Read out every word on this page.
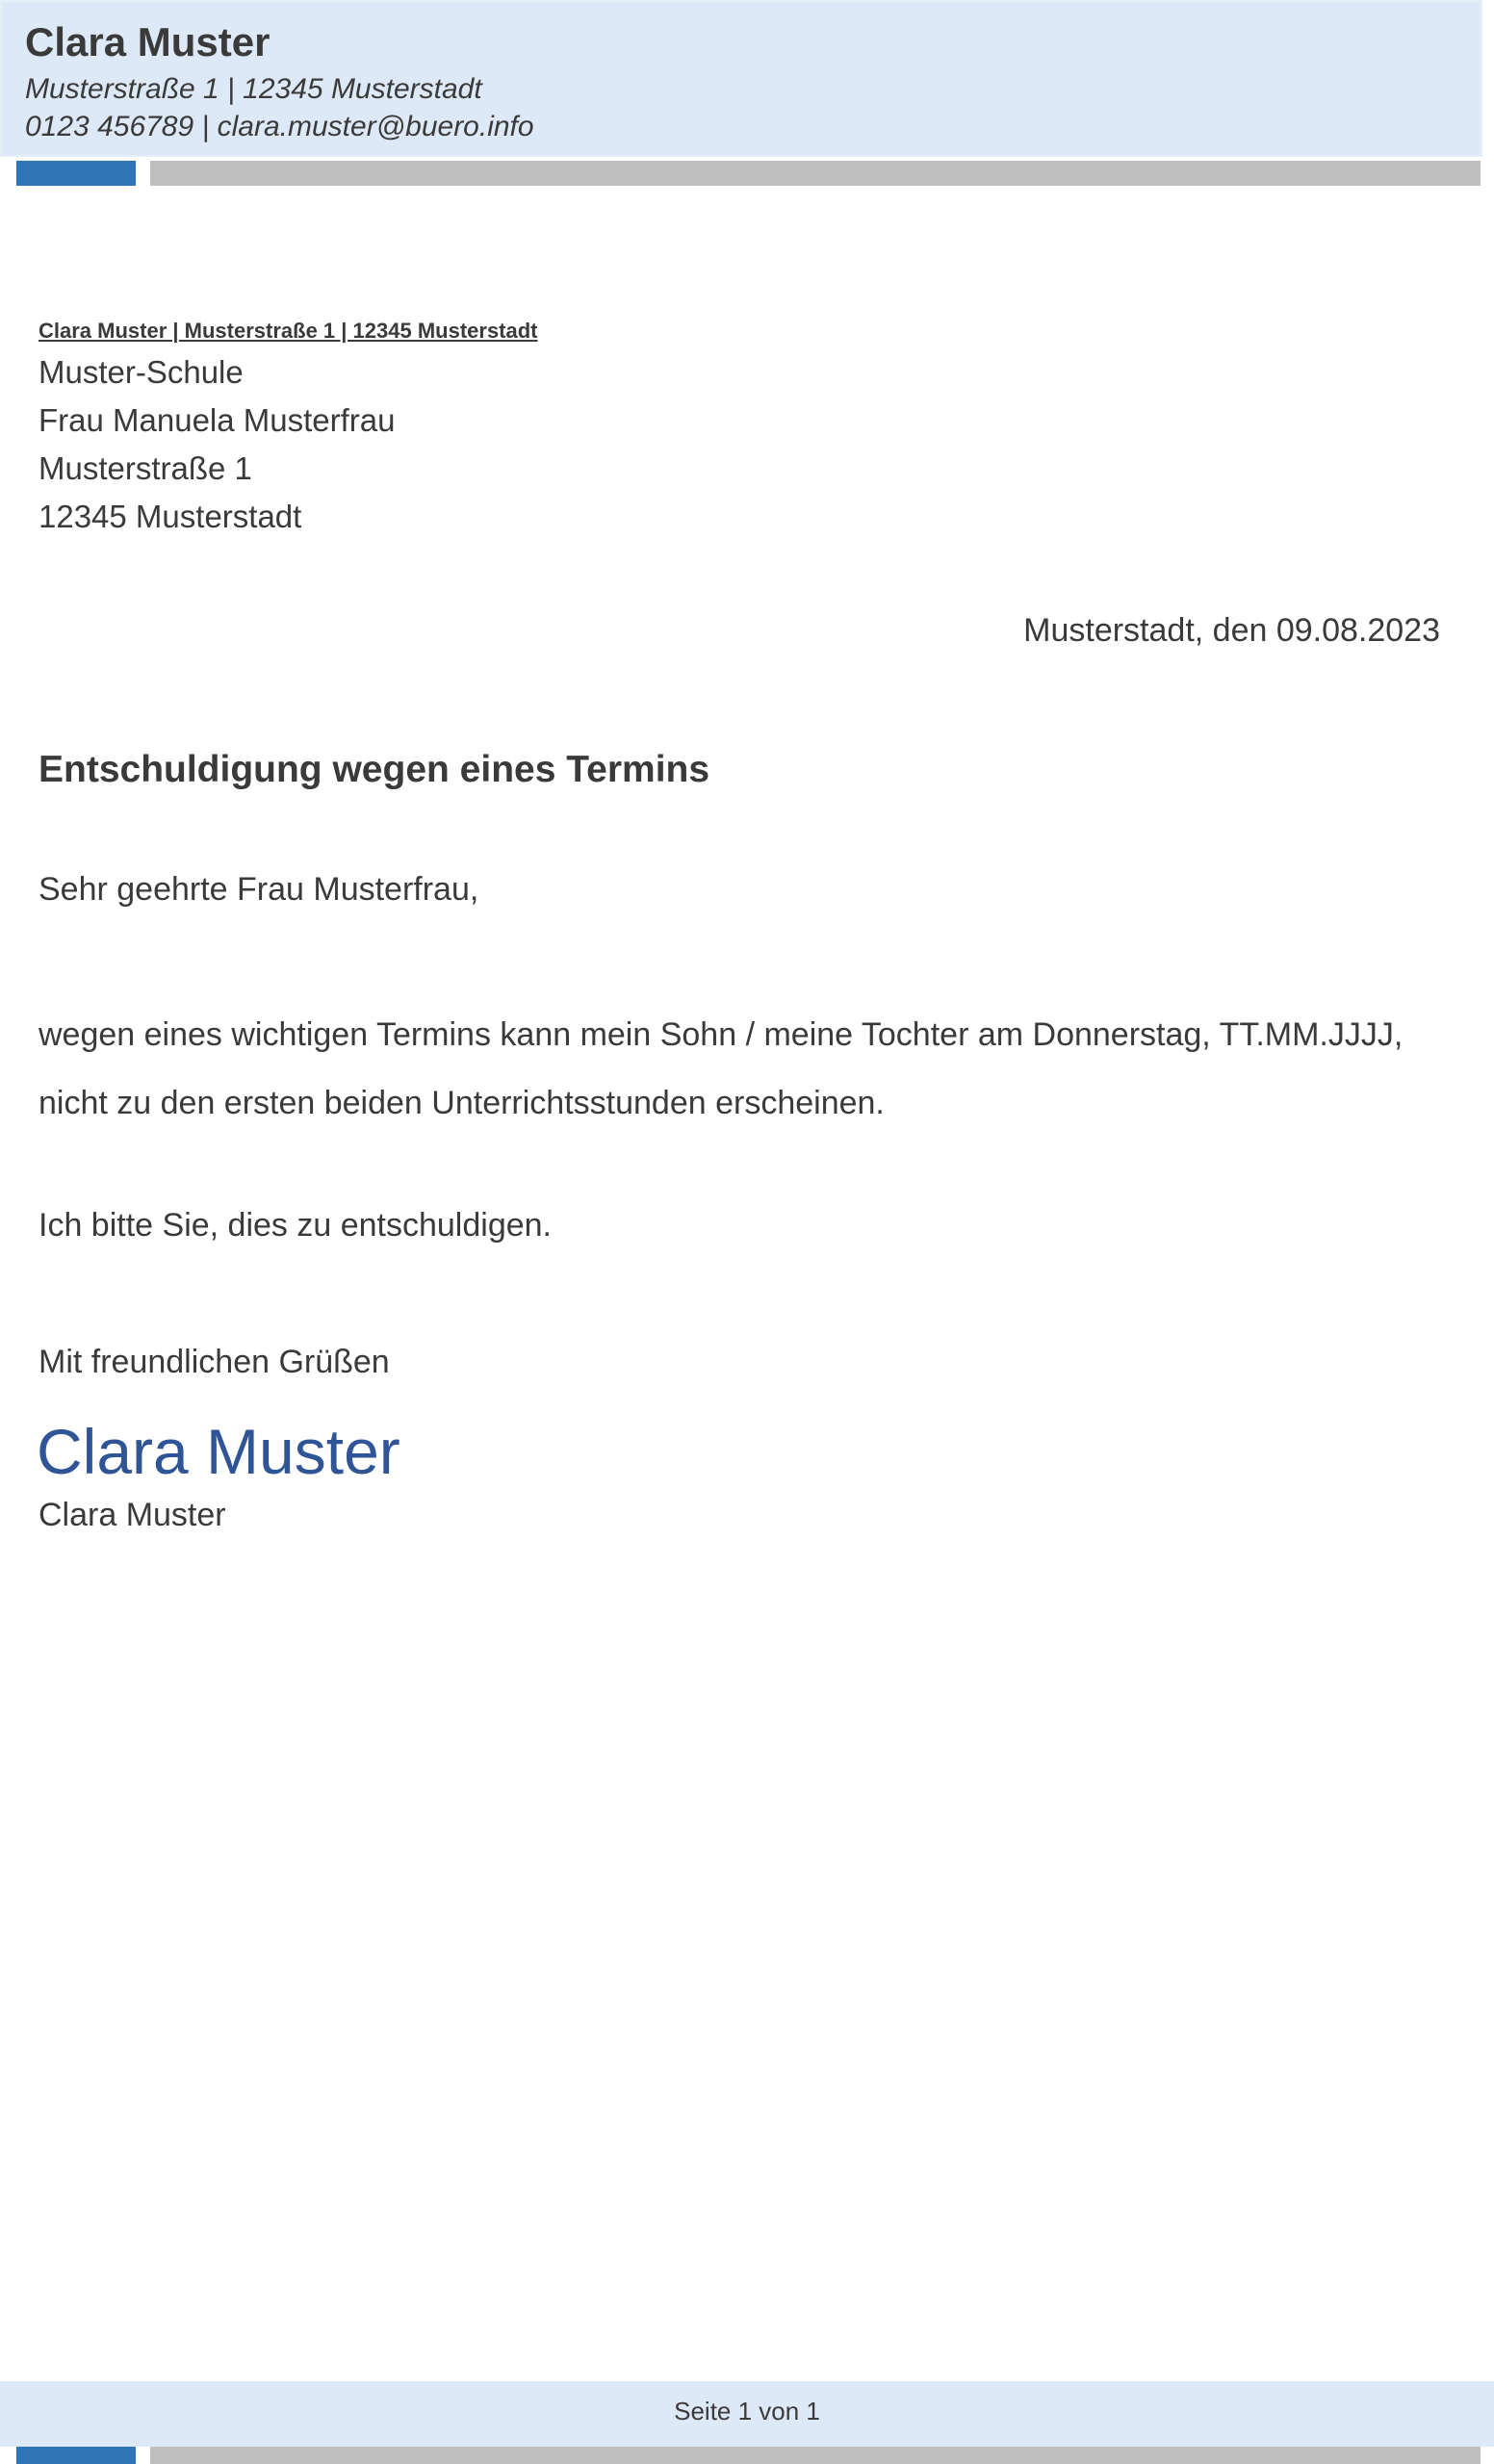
Clara Muster
Musterstraße 1 | 12345 Musterstadt
0123 456789 | clara.muster@buero.info
Clara Muster | Musterstraße 1 | 12345 Musterstadt
Muster-Schule
Frau Manuela Musterfrau
Musterstraße 1
12345 Musterstadt
Musterstadt, den 09.08.2023
Entschuldigung wegen eines Termins
Sehr geehrte Frau Musterfrau,
wegen eines wichtigen Termins kann mein Sohn / meine Tochter am Donnerstag, TT.MM.JJJJ, nicht zu den ersten beiden Unterrichtsstunden erscheinen.
Ich bitte Sie, dies zu entschuldigen.
Mit freundlichen Grüßen
Clara Muster
Clara Muster
Seite 1 von 1
